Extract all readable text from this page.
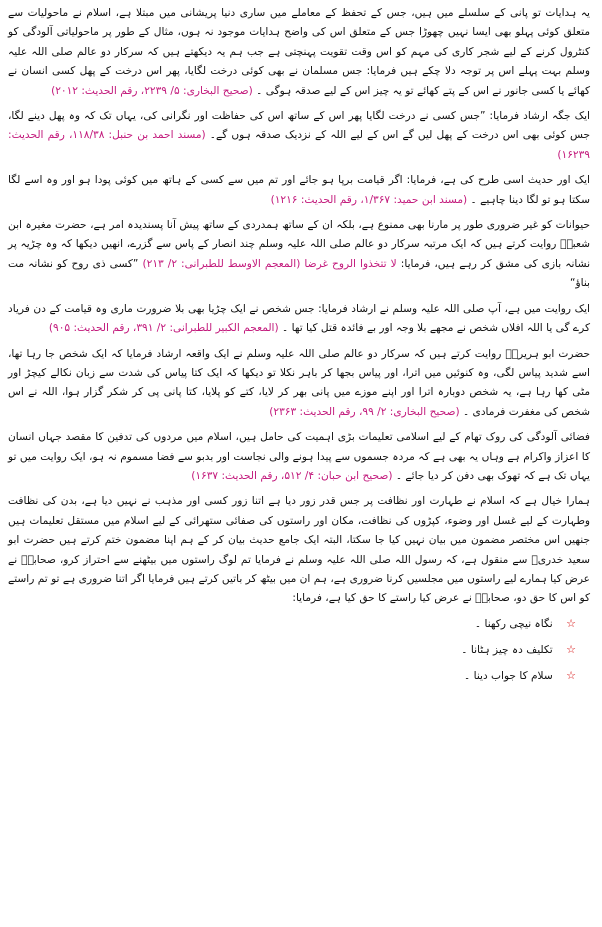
یہ ہدایات تو پانی کے سلسلے میں ہیں، جس کے تحفظ کے معاملے میں ساری دنیا پریشانی میں مبتلا ہے، اسلام نے ماحولیات سے متعلق کوئی پہلو بھی ایسا نہیں چھوڑا جس کے متعلق اس کی واضح ہدایات موجود نہ ہوں، مثال کے طور پر ماحولیاتی آلودگی کو کنٹرول کرنے کے لیے شجر کاری کی مہم کو اس وقت تقویت پہنچتی ہے جب ہم یہ دیکھتے ہیں کہ سرکار دو عالم صلی اللہ علیہ وسلم بہت پہلے اس پر توجہ دلا چکے ہیں فرمایا: جس مسلمان نے بھی کوئی درخت لگایا، پھر اس درخت کے پھل کسی انسان نے کھائے یا کسی جانور نے اس کے پتے کھائے تو یہ چیز اس کے لیے صدقہ ہوگی ۔ (صحیح البخاری: ۵/ ۲۲۳۹، رقم الحدیث: ۲۰۱۲)

ایک جگہ ارشاد فرمایا: ”جس کسی نے درخت لگایا پھر اس کے ساتھ اس کی حفاظت اور نگرانی کی، یہاں تک کہ وہ پھل دینے لگا، جس کوئی بھی اس درخت کے پھل لیں گے اس کے لیے اللہ کے نزدیک صدقہ ہوں گے۔ (مسند احمد بن حنبل: ۱۱۸/۳۸، رقم الحدیث: ۱۶۲۳۹)

ایک اور حدیث اسی طرح کی ہے، فرمایا: اگر قیامت برپا ہو جائے اور تم میں سے کسی کے ہاتھ میں کوئی پودا ہو اور وہ اسے لگا سکتا ہو تو لگا دینا چاہیے ۔ (مسند ابن حمید: ۱/۳۶۷، رقم الحدیث: ۱۲۱۶)

حیوانات کو غیر ضروری طور پر مارنا بھی ممنوع ہے، بلکہ ان کے ساتھ ہمدردی کے ساتھ پیش آنا پسندیدہ امر ہے، حضرت مغیرہ ابن شعبہؓ روایت کرتے ہیں کہ ایک مرتبہ سرکار دو عالم صلی اللہ علیہ وسلم چند انصار کے پاس سے گزرے، انھیں دیکھا کہ وہ چڑیہ پر نشانہ بازی کی مشق کر رہے ہیں، فرمایا: لا تتخذوا الروح غرضا (المعجم الاوسط للطبرانی: ۲/ ۲۱۳) ”کسی ذی روح کو نشانہ مت بناؤ“

ایک روایت میں ہے، آپ صلی اللہ علیہ وسلم نے ارشاد فرمایا: جس شخص نے ایک چڑیا بھی بلا ضرورت ماری وہ قیامت کے دن فریاد کرے گی یا اللہ افلاں شخص نے مجھے بلا وجہ اور بے فائدہ قتل کیا تھا ۔ (المعجم الکبیر للطبرانی: ۲/ ۳۹۱، رقم الحدیث: ۹۰۵)

حضرت ابو ہریرہؓ روایت کرتے ہیں کہ سرکار دو عالم صلی اللہ علیہ وسلم نے ایک واقعہ ارشاد فرمایا کہ ایک شخص جا رہا تھا، اسے شدید پیاس لگی، وہ کنوئیں میں اترا، اور پیاس بجھا کر باہر نکلا تو دیکھا کہ ایک کتا پیاس کی شدت سے زبان نکالے کیچڑ اور مٹی کھا رہا ہے، یہ شخص دوبارہ اترا اور اپنے موزے میں پانی بھر کر لایا، کتے کو پلایا، کتا پانی پی کر شکر گزار ہوا، اللہ نے اس شخص کی مغفرت فرمادی ۔ (صحیح البخاری: ۲/ ۹۹، رقم الحدیث: ۲۳۶۳)

فضائی آلودگی کی روک تھام کے لیے اسلامی تعلیمات بڑی اہمیت کی حامل ہیں، اسلام میں مردوں کی تدفین کا مقصد جہاں انسان کا اعزاز واکرام ہے وہاں یہ بھی ہے کہ مردہ جسموں سے پیدا ہونے والی نجاست اور بدبو سے فضا مسموم نہ ہو، ایک روایت میں تو یہاں تک ہے کہ تھوک بھی دفن کر دیا جائے ۔ (صحیح ابن حبان: ۴/ ۵۱۲، رقم الحدیث: ۱۶۳۷)

ہمارا خیال ہے کہ اسلام نے طہارت اور نظافت پر جس قدر زور دیا ہے اتنا زور کسی اور مذہب نے نہیں دیا ہے، بدن کی نظافت وطہارت کے لیے غسل اور وضوء، کپڑوں کی نظافت، مکان اور راستوں کی صفائی ستھرائی کے لیے اسلام میں مستقل تعلیمات ہیں جنھیں اس مختصر مضمون میں بیان نہیں کیا جا سکتا، البتہ ایک جامع حدیث بیان کر کے ہم اپنا مضمون ختم کرتے ہیں حضرت ابو سعید خدریؓ سے منقول ہے، کہ رسول اللہ صلی اللہ علیہ وسلم نے فرمایا تم لوگ راستوں میں بیٹھنے سے احتراز کرو، صحابہؓ نے عرض کیا ہمارے لیے راستوں میں مجلسیں کرنا ضروری ہے، ہم ان میں بیٹھ کر باتیں کرتے ہیں فرمایا اگر اتنا ضروری ہے تو تم راستے کو اس کا حق دو، صحابہؓ نے عرض کیا راستے کا حق کیا ہے، فرمایا:

☆ نگاہ نیچی رکھنا ۔
☆ تکلیف دہ چیز ہٹانا ۔
☆ سلام کا جواب دینا ۔
